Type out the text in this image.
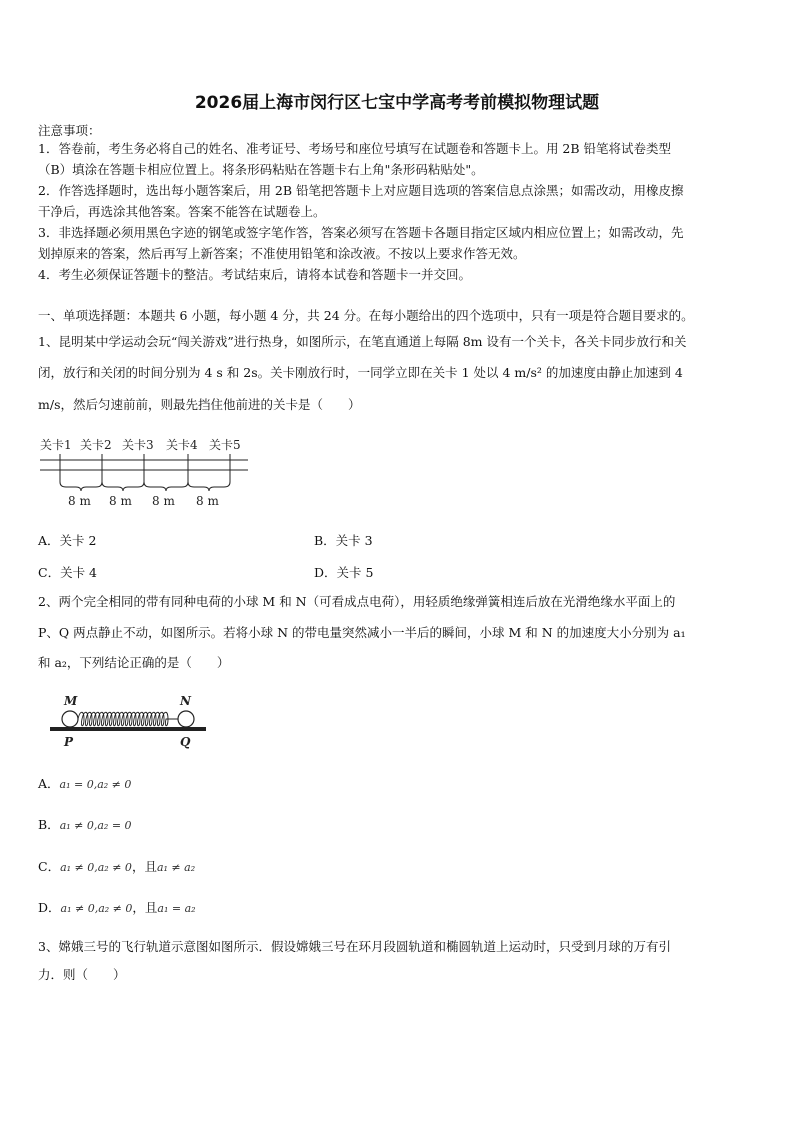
2026届上海市闵行区七宝中学高考考前模拟物理试题
注意事项：
1．答卷前，考生务必将自己的姓名、准考证号、考场号和座位号填写在试题卷和答题卡上。用 2B 铅笔将试卷类型
（B）填涂在答题卡相应位置上。将条形码粘贴在答题卡右上角"条形码粘贴处"。
2．作答选择题时，选出每小题答案后，用 2B 铅笔把答题卡上对应题目选项的答案信息点涂黑；如需改动，用橡皮擦
干净后，再选涂其他答案。答案不能答在试题卷上。
3．非选择题必须用黑色字迹的钢笔或签字笔作答，答案必须写在答题卡各题目指定区域内相应位置上；如需改动，先
划掉原来的答案，然后再写上新答案；不准使用铅笔和涂改液。不按以上要求作答无效。
4．考生必须保证答题卡的整洁。考试结束后，请将本试卷和答题卡一并交回。
一、单项选择题：本题共 6 小题，每小题 4 分，共 24 分。在每小题给出的四个选项中，只有一项是符合题目要求的。
1、昆明某中学运动会玩“闯关游戏”进行热身，如图所示，在笔直通道上每隔 8m 设有一个关卡，各关卡同步放行和关
闭，放行和关闭的时间分别为 4 s 和 2s。关卡刚放行时，一同学立即在关卡 1 处以 4 m/s² 的加速度由静止加速到 4
m/s，然后匀速前前，则最先挡住他前进的关卡是（　　）
关卡1 关卡2 关卡3 关卡4 关卡5
8 m 8 m 8 m 8 m
A．关卡 2	B．关卡 3
C．关卡 4	D．关卡 5
2、两个完全相同的带有同种电荷的小球 M 和 N（可看成点电荷），用轻质绝缘弹簧相连后放在光滑绝缘水平面上的
P、Q 两点静止不动，如图所示。若将小球 N 的带电量突然减小一半后的瞬间，小球 M 和 N 的加速度大小分别为 a₁
和 a₂，下列结论正确的是（　　）
M	N
P	Q
A．a₁ = 0,a₂ ≠ 0
B．a₁ ≠ 0,a₂ = 0
C．a₁ ≠ 0,a₂ ≠ 0，且a₁ ≠ a₂
D．a₁ ≠ 0,a₂ ≠ 0，且a₁ = a₂
3、嫦娥三号的飞行轨道示意图如图所示．假设嫦娥三号在环月段圆轨道和椭圆轨道上运动时，只受到月球的万有引
力．则（　　）
